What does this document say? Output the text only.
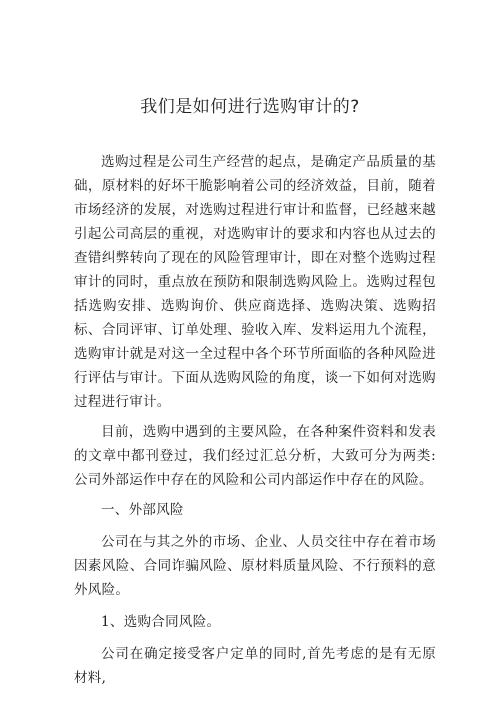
我们是如何进行选购审计的?

选购过程是公司生产经营的起点，是确定产品质量的基础，原材料的好坏干脆影响着公司的经济效益，目前，随着市场经济的发展，对选购过程进行审计和监督，已经越来越引起公司高层的重视，对选购审计的要求和内容也从过去的查错纠弊转向了现在的风险管理审计，即在对整个选购过程审计的同时，重点放在预防和限制选购风险上。选购过程包括选购安排、选购询价、供应商选择、选购决策、选购招标、合同评审、订单处理、验收入库、发料运用九个流程，选购审计就是对这一全过程中各个环节所面临的各种风险进行评估与审计。下面从选购风险的角度，谈一下如何对选购过程进行审计。

目前，选购中遇到的主要风险，在各种案件资料和发表的文章中都刊登过，我们经过汇总分析，大致可分为两类:公司外部运作中存在的风险和公司内部运作中存在的风险。

一、外部风险

公司在与其之外的市场、企业、人员交往中存在着市场因素风险、合同诈骗风险、原材料质量风险、不行预料的意外风险。

1、选购合同风险。

公司在确定接受客户定单的同时,首先考虑的是有无原材料,
